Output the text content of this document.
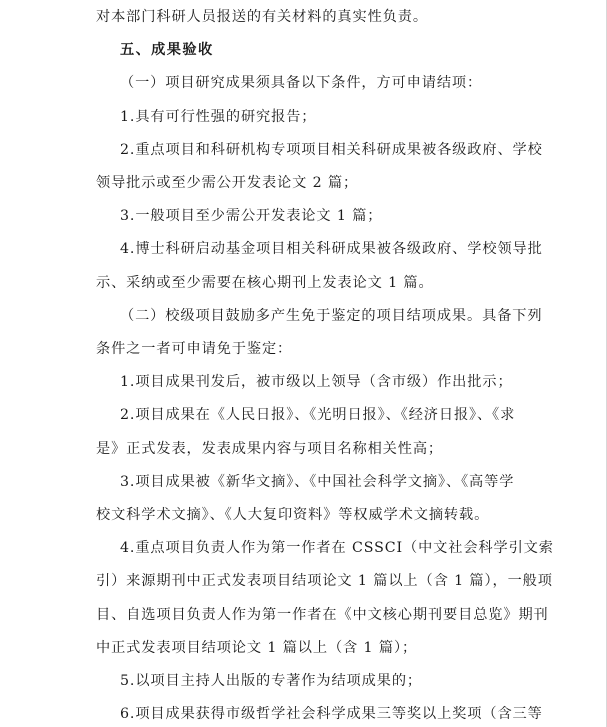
对本部门科研人员报送的有关材料的真实性负责。
五、成果验收
（一）项目研究成果须具备以下条件，方可申请结项：
1.具有可行性强的研究报告；
2.重点项目和科研机构专项项目相关科研成果被各级政府、学校
领导批示或至少需公开发表论文 2 篇；
3.一般项目至少需公开发表论文 1 篇；
4.博士科研启动基金项目相关科研成果被各级政府、学校领导批
示、采纳或至少需要在核心期刊上发表论文 1 篇。
（二）校级项目鼓励多产生免于鉴定的项目结项成果。具备下列
条件之一者可申请免于鉴定：
1.项目成果刊发后，被市级以上领导（含市级）作出批示；
2.项目成果在《人民日报》、《光明日报》、《经济日报》、《求
是》正式发表，发表成果内容与项目名称相关性高；
3.项目成果被《新华文摘》、《中国社会科学文摘》、《高等学
校文科学术文摘》、《人大复印资料》等权威学术文摘转载。
4.重点项目负责人作为第一作者在 CSSCI（中文社会科学引文索
引）来源期刊中正式发表项目结项论文 1 篇以上（含 1 篇），一般项
目、自选项目负责人作为第一作者在《中文核心期刊要目总览》期刊
中正式发表项目结项论文 1 篇以上（含 1 篇）；
5.以项目主持人出版的专著作为结项成果的；
6.项目成果获得市级哲学社会科学成果三等奖以上奖项（含三等
